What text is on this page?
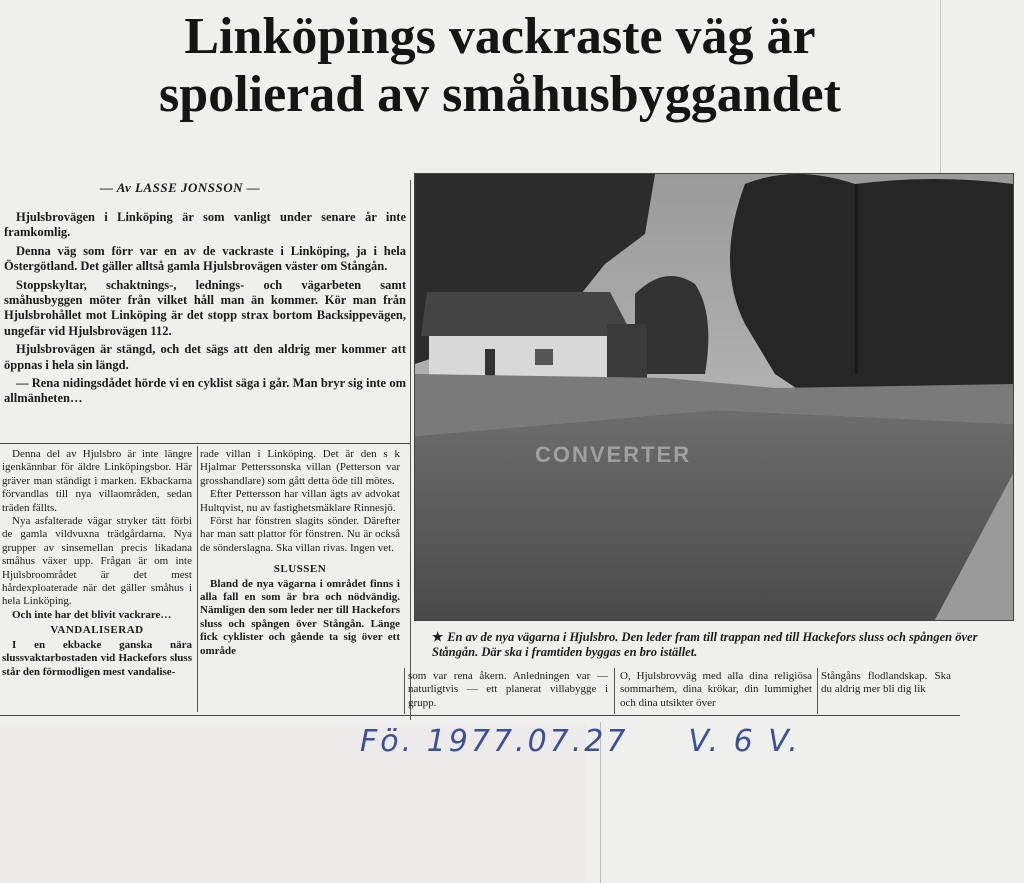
Linköpings vackraste väg är
spolierad av småhusbyggandet
— Av LASSE JONSSON —

Hjulsbrovägen i Linköping är som vanligt under senare år inte framkomlig.

Denna väg som förr var en av de vackraste i Linköping, ja i hela Östergötland. Det gäller alltså gamla Hjulsbrovägen väster om Stångån.

Stoppskyltar, schaktnings-, lednings- och vägarbeten samt småhusbyggen möter från vilket håll man än kommer. Kör man från Hjulsbrohållet mot Linköping är det stopp strax bortom Backsippevägen, ungefär vid Hjulsbrovägen 112.

Hjulsbrovägen är stängd, och det sägs att den aldrig mer kommer att öppnas i hela sin längd.

— Rena nidingsdådet hörde vi en cyklist säga i går. Man bryr sig inte om allmänheten…

Denna del av Hjulsbro är inte längre igenkännbar för äldre Linköpingsbor. Här gräver man ständigt i marken. Ekbackarna förvandlas till nya villaområden, sedan träden fällts.

Nya asfalterade vägar stryker tätt förbi de gamla vildvuxna trädgårdarna. Nya grupper av sinsemellan precis likadana småhus växer upp. Frågan är om inte Hjulsbroområdet är det mest hårdexploaterade när det gäller småhus i hela Linköping.

Och inte har det blivit vackrare…

VANDALISERAD

I en ekbacke ganska nära slussvaktarbostaden vid Hackefors sluss står den förmodligen mest vandalise-

rade villan i Linköping. Det är den s k Hjalmar Petterssonska villan (Petterson var grosshandlare) som gått detta öde till mötes.

Efter Pettersson har villan ägts av advokat Hultqvist, nu av fastighetsmäklare Rinnesjö.

Först har fönstren slagits sönder. Därefter har man satt plattor för fönstren. Nu är också de sönderslagna. Ska villan rivas. Ingen vet.

SLUSSEN

Bland de nya vägarna i området finns i alla fall en som är bra och nödvändig. Nämligen den som leder ner till Hackefors sluss och spången över Stångån. Länge fick cyklister och gående ta sig över ett område

CONVERTER
★ En av de nya vägarna i Hjulsbro. Den leder fram till trappan ned till Hackefors sluss och spången över Stångån. Där ska i framtiden byggas en bro istället.

som var rena åkern. Anledningen var — naturligtvis — ett planerat villabygge i grupp.

O, Hjulsbrovväg med alla dina religiösa sommarhem, dina krökar, din lummighet och dina utsikter över

Stångåns flodlandskap. Ska du aldrig mer bli dig lik

Fö. 1977.07.27 V. 6 V.
